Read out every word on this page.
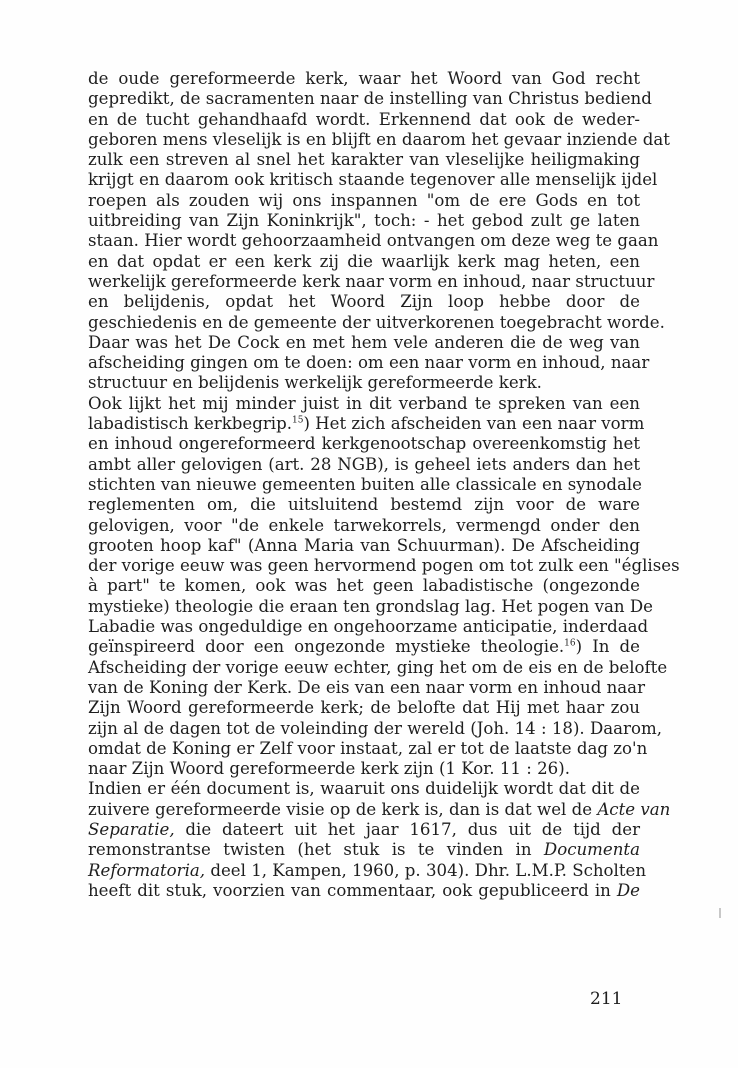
de oude gereformeerde kerk, waar het Woord van God recht
gepredikt, de sacramenten naar de instelling van Christus bediend
en de tucht gehandhaafd wordt. Erkennend dat ook de weder-
geboren mens vleselijk is en blijft en daarom het gevaar inziende dat
zulk een streven al snel het karakter van vleselijke heiligmaking
krijgt en daarom ook kritisch staande tegenover alle menselijk ijdel
roepen als zouden wij ons inspannen "om de ere Gods en tot
uitbreiding van Zijn Koninkrijk", toch: - het gebod zult ge laten
staan. Hier wordt gehoorzaamheid ontvangen om deze weg te gaan
en dat opdat er een kerk zij die waarlijk kerk mag heten, een
werkelijk gereformeerde kerk naar vorm en inhoud, naar structuur
en belijdenis, opdat het Woord Zijn loop hebbe door de
geschiedenis en de gemeente der uitverkorenen toegebracht worde.
Daar was het De Cock en met hem vele anderen die de weg van
afscheiding gingen om te doen: om een naar vorm en inhoud, naar
structuur en belijdenis werkelijk gereformeerde kerk.
Ook lijkt het mij minder juist in dit verband te spreken van een
labadistisch kerkbegrip.$^{15}$) Het zich afscheiden van een naar vorm
en inhoud ongereformeerd kerkgenootschap overeenkomstig het
ambt aller gelovigen (art. 28 NGB), is geheel iets anders dan het
stichten van nieuwe gemeenten buiten alle classicale en synodale
reglementen om, die uitsluitend bestemd zijn voor de ware
gelovigen, voor "de enkele tarwekorrels, vermengd onder den
grooten hoop kaf" (Anna Maria van Schuurman). De Afscheiding
der vorige eeuw was geen hervormend pogen om tot zulk een "églises
à part" te komen, ook was het geen labadistische (ongezonde
mystieke) theologie die eraan ten grondslag lag. Het pogen van De
Labadie was ongeduldige en ongehoorzame anticipatie, inderdaad
geïnspireerd door een ongezonde mystieke theologie.$^{16}$) In de
Afscheiding der vorige eeuw echter, ging het om de eis en de belofte
van de Koning der Kerk. De eis van een naar vorm en inhoud naar
Zijn Woord gereformeerde kerk; de belofte dat Hij met haar zou
zijn al de dagen tot de voleinding der wereld (Joh. 14 : 18). Daarom,
omdat de Koning er Zelf voor instaat, zal er tot de laatste dag zo'n
naar Zijn Woord gereformeerde kerk zijn (1 Kor. 11 : 26).
Indien er één document is, waaruit ons duidelijk wordt dat dit de
zuivere gereformeerde visie op de kerk is, dan is dat wel de Acte van
Separatie, die dateert uit het jaar 1617, dus uit de tijd der
remonstrantse twisten (het stuk is te vinden in Documenta
Reformatoria, deel 1, Kampen, 1960, p. 304). Dhr. L.M.P. Scholten
heeft dit stuk, voorzien van commentaar, ook gepubliceerd in De
211
